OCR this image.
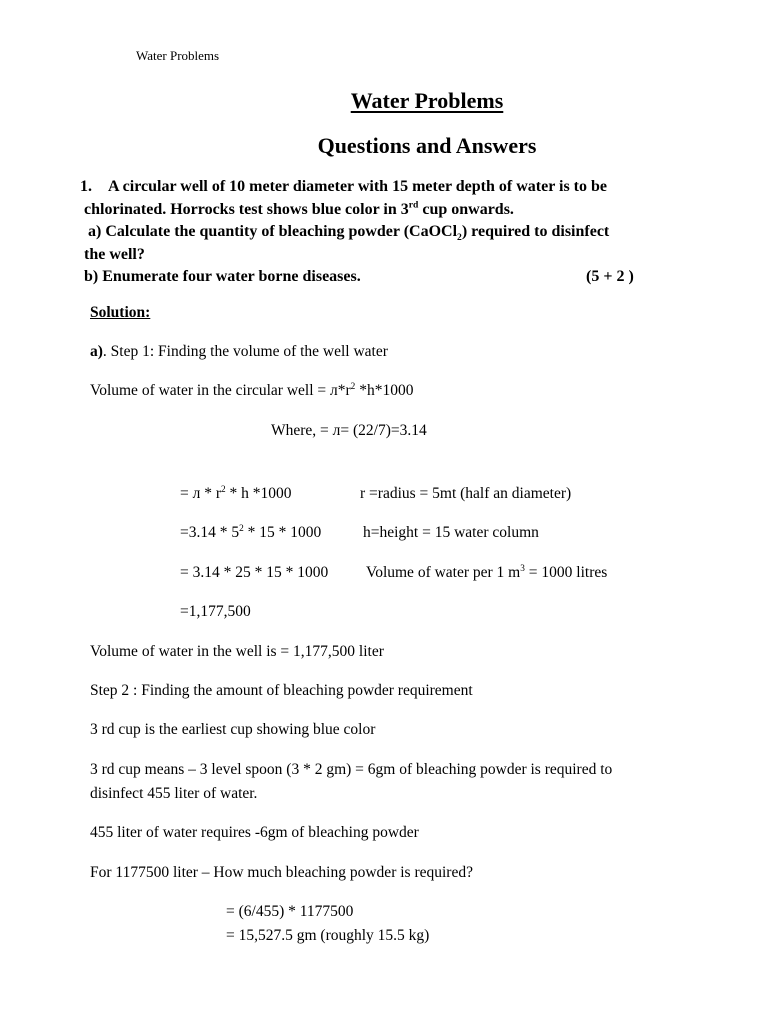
Water Problems
Water Problems
Questions and Answers
1. A circular well of 10 meter diameter with 15 meter depth of water is to be
chlorinated. Horrocks test shows blue color in 3rd cup onwards.
a) Calculate the quantity of bleaching powder (CaOCl$_2$) required to disinfect
the well?
b) Enumerate four water borne diseases.	(5 + 2 )
Solution:
a). Step 1: Finding the volume of the well water
Volume of water in the circular well = $л*r^2$ *h*1000
Where, = л= (22/7)=3.14
= л * $r^2$ * h *1000	r =radius = 5mt (half an diameter)
$=3.14 * 5^2 * 15 * 1000$	h=height = 15 water column
= 3.14 * 25 * 15 * 1000 Volume of water per 1 $m^3 = 1000$ litres
=1,177,500
Volume of water in the well is = 1,177,500 liter
Step 2 : Finding the amount of bleaching powder requirement
3 rd cup is the earliest cup showing blue color
3 rd cup means – 3 level spoon (3 * 2 gm) = 6gm of bleaching powder is required to
disinfect 455 liter of water.
455 liter of water requires -6gm of bleaching powder
For 1177500 liter – How much bleaching powder is required?
= (6/455) * 1177500
= 15,527.5 gm (roughly 15.5 kg)
